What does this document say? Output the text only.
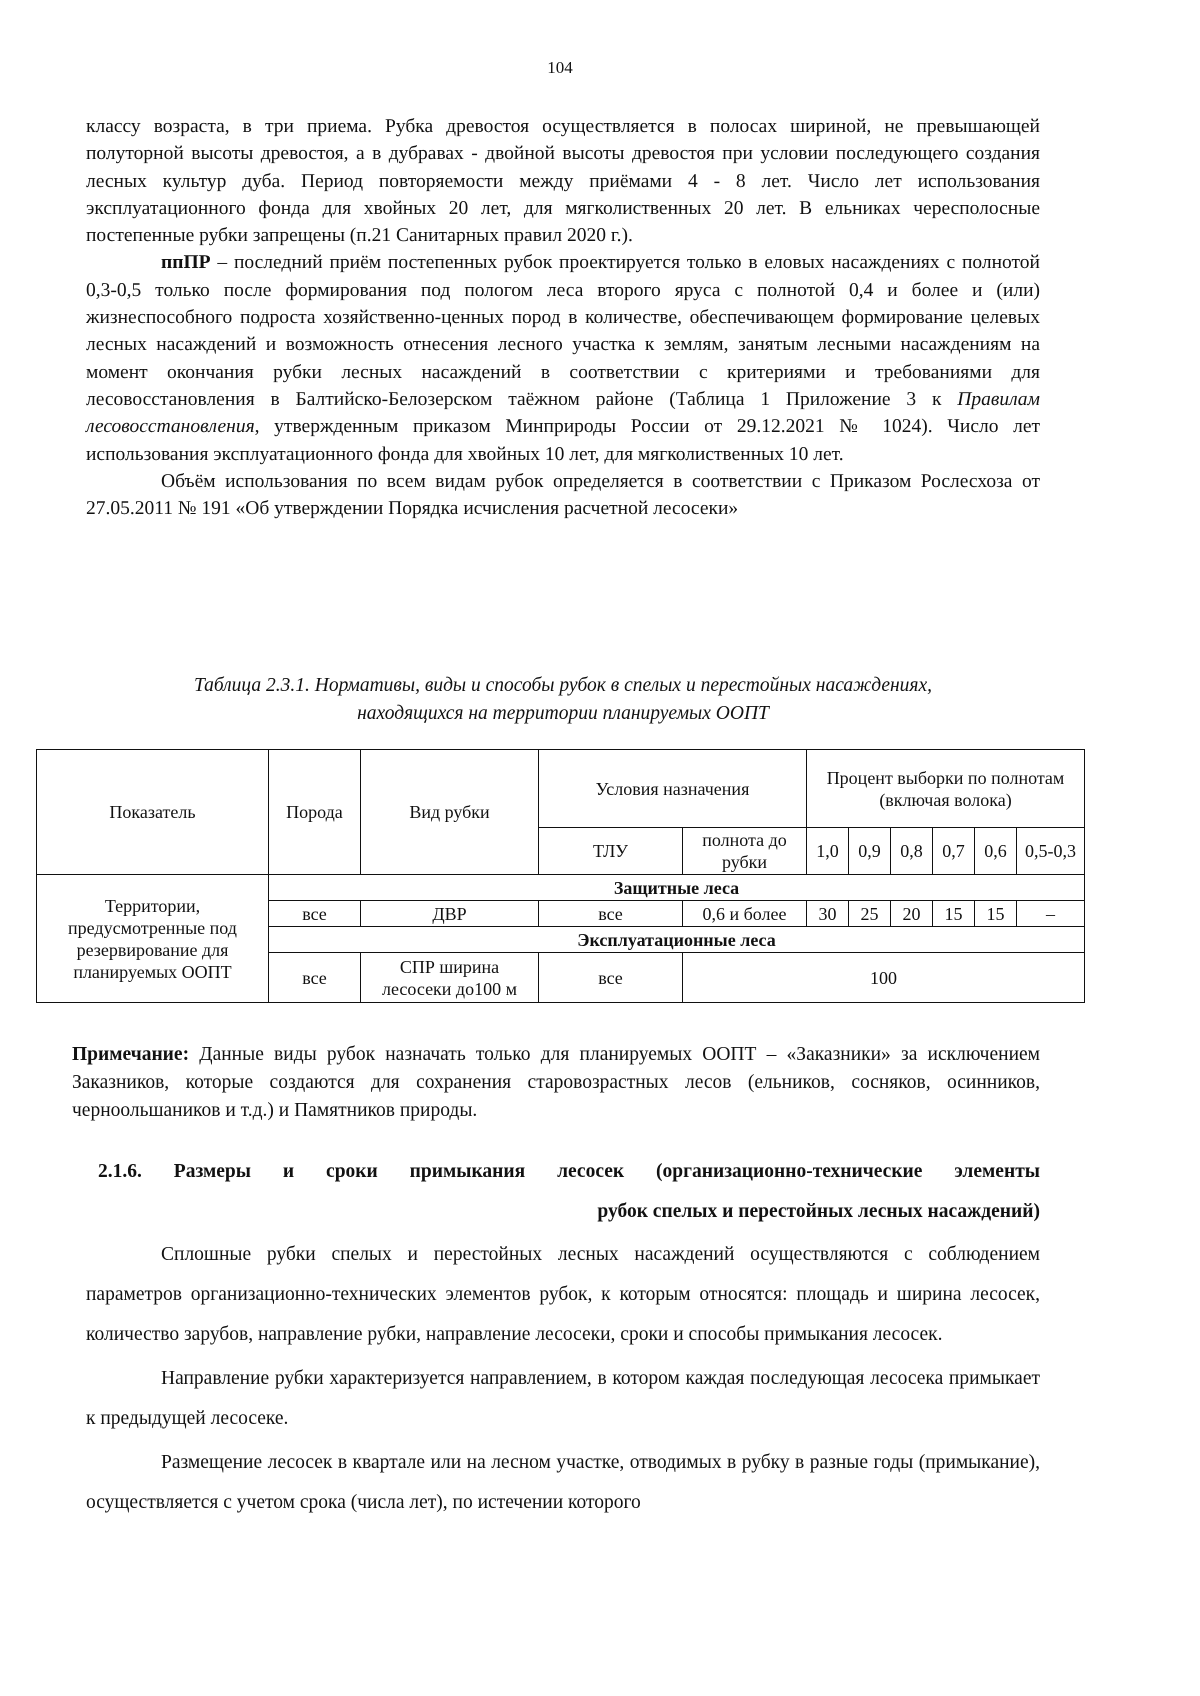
104

классу возраста, в три приема. Рубка древостоя осуществляется в полосах шириной, не превышающей полуторной высоты древостоя, а в дубравах - двойной высоты древостоя при условии последующего создания лесных культур дуба. Период повторяемости между приёмами 4 - 8 лет. Число лет использования эксплуатационного фонда для хвойных 20 лет, для мягколиственных 20 лет. В ельниках чересполосные постепенные рубки запрещены (п.21 Санитарных правил 2020 г.).

ппПР – последний приём постепенных рубок проектируется только в еловых насаждениях с полнотой 0,3-0,5 только после формирования под пологом леса второго яруса с полнотой 0,4 и более и (или) жизнеспособного подроста хозяйственно-ценных пород в количестве, обеспечивающем формирование целевых лесных насаждений и возможность отнесения лесного участка к землям, занятым лесными насаждениям на момент окончания рубки лесных насаждений в соответствии с критериями и требованиями для лесовосстановления в Балтийско-Белозерском таёжном районе (Таблица 1 Приложение 3 к Правилам лесовосстановления, утвержденным приказом Минприроды России от 29.12.2021 № 1024). Число лет использования эксплуатационного фонда для хвойных 10 лет, для мягколиственных 10 лет.

Объём использования по всем видам рубок определяется в соответствии с Приказом Рослесхоза от 27.05.2011 № 191 «Об утверждении Порядка исчисления расчетной лесосеки»

Таблица 2.3.1. Нормативы, виды и способы рубок в спелых и перестойных насаждениях,
находящихся на территории планируемых ООПТ
Показатель	Порода	Вид рубки	Условия назначения		Процент выборки по полнотам (включая волока)					
			ТЛУ	полнота до рубки	1,0	0,9	0,8	0,7	0,6	0,5-0,3
Территории, предусмотренные под резервирование для планируемых ООПТ	Защитные леса									
	все	ДВР	все	0,6 и более	30	25	20	15	15	–
	Эксплуатационные леса									
	все	СПР ширина лесосеки до100 м	все	100						

Примечание: Данные виды рубок назначать только для планируемых ООПТ – «Заказники» за исключением Заказников, которые создаются для сохранения старовозрастных лесов (ельников, сосняков, осинников, черноольшаников и т.д.) и Памятников природы.

2.1.6. Размеры и сроки примыкания лесосек (организационно-технические элементы
рубок спелых и перестойных лесных насаждений)

Сплошные рубки спелых и перестойных лесных насаждений осуществляются с соблюдением параметров организационно-технических элементов рубок, к которым относятся: площадь и ширина лесосек, количество зарубов, направление рубки, направление лесосеки, сроки и способы примыкания лесосек.

Направление рубки характеризуется направлением, в котором каждая последующая лесосека примыкает к предыдущей лесосеке.

Размещение лесосек в квартале или на лесном участке, отводимых в рубку в разные годы (примыкание), осуществляется с учетом срока (числа лет), по истечении которого
